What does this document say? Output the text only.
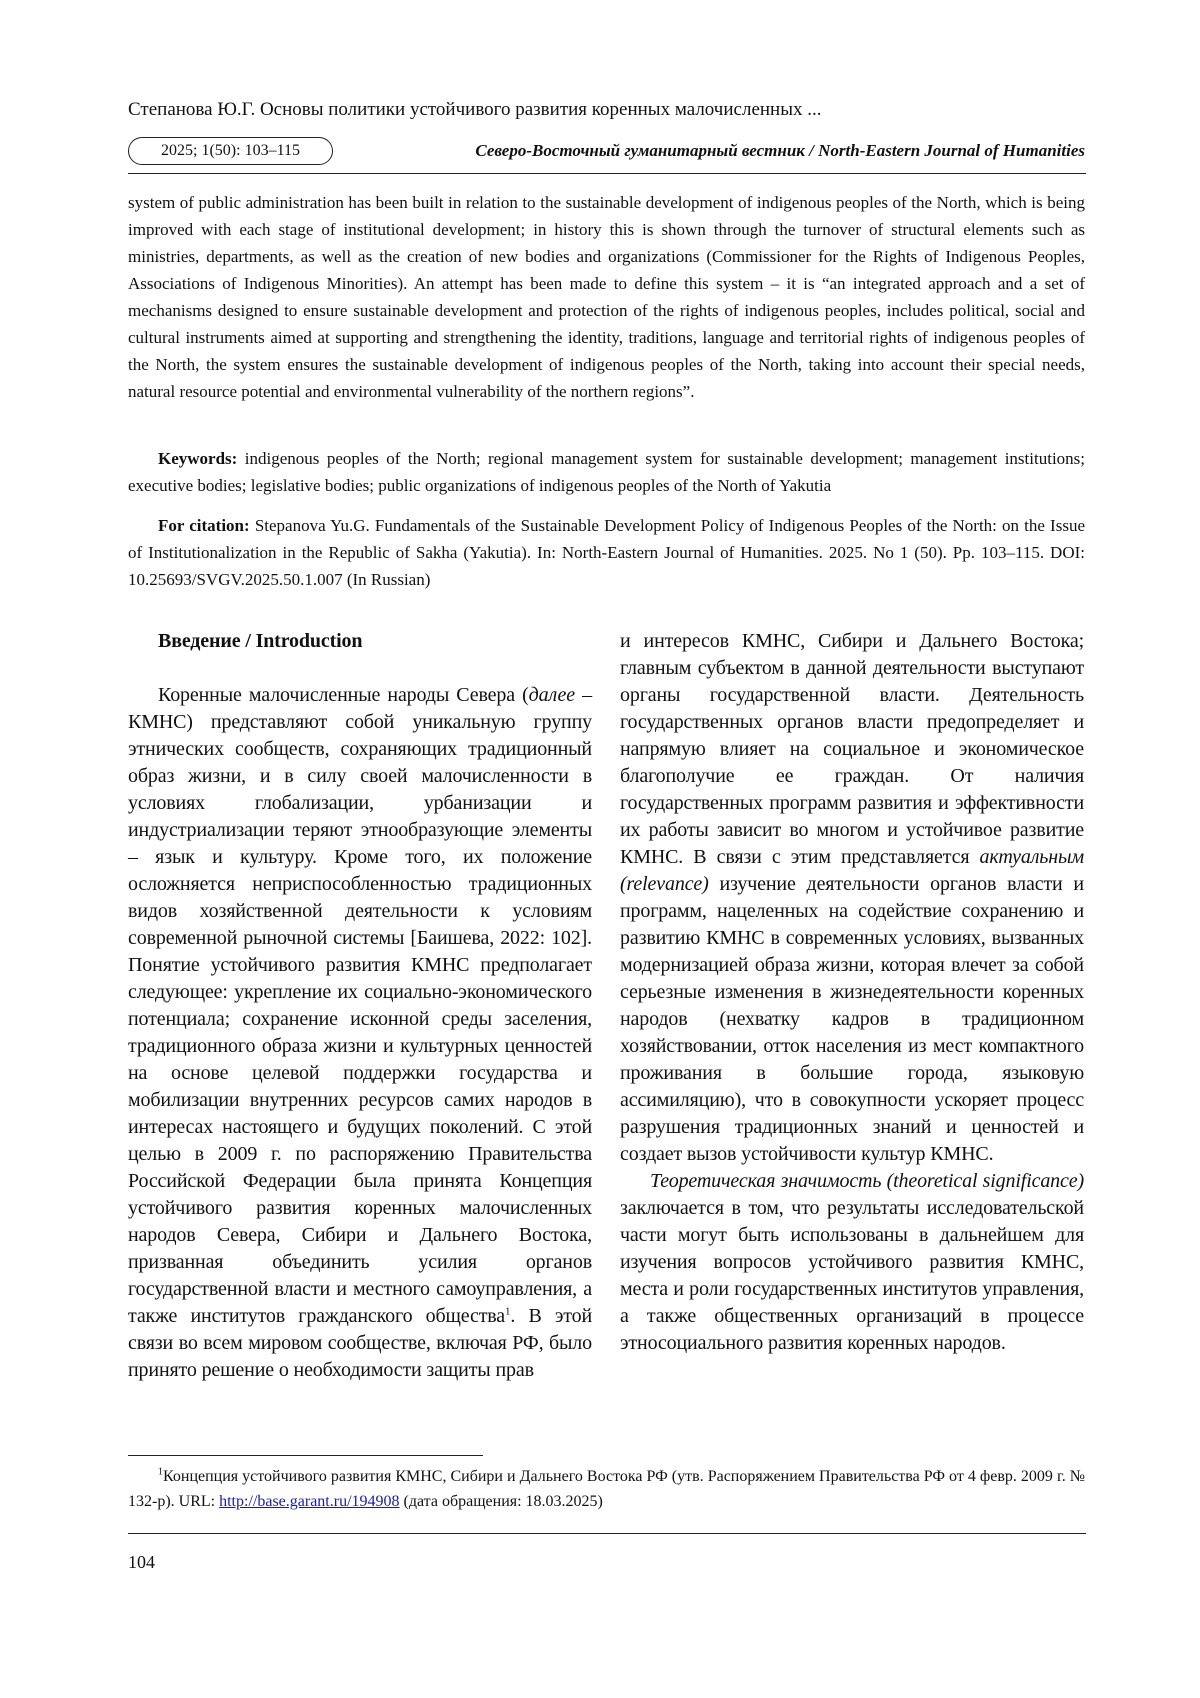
Степанова Ю.Г. Основы политики устойчивого развития коренных малочисленных ...
2025; 1(50): 103–115	Северо-Восточный гуманитарный вестник / North-Eastern Journal of Humanities
system of public administration has been built in relation to the sustainable development of indigenous peoples of the North, which is being improved with each stage of institutional development; in history this is shown through the turnover of structural elements such as ministries, departments, as well as the creation of new bodies and organizations (Commissioner for the Rights of Indigenous Peoples, Associations of Indigenous Minorities). An attempt has been made to define this system – it is “an integrated approach and a set of mechanisms designed to ensure sustainable development and protection of the rights of indigenous peoples, includes political, social and cultural instruments aimed at supporting and strengthening the identity, traditions, language and territorial rights of indigenous peoples of the North, the system ensures the sustainable development of indigenous peoples of the North, taking into account their special needs, natural resource potential and environmental vulnerability of the northern regions”.
Keywords: indigenous peoples of the North; regional management system for sustainable development; management institutions; executive bodies; legislative bodies; public organizations of indigenous peoples of the North of Yakutia
For citation: Stepanova Yu.G. Fundamentals of the Sustainable Development Policy of Indigenous Peoples of the North: on the Issue of Institutionalization in the Republic of Sakha (Yakutia). In: North-Eastern Journal of Humanities. 2025. No 1 (50). Pp. 103–115. DOI: 10.25693/SVGV.2025.50.1.007 (In Russian)
Введение / Introduction

Коренные малочисленные народы Севера (далее – КМНС) представляют собой уникальную группу этнических сообществ, сохраняющих традиционный образ жизни, и в силу своей малочисленности в условиях глобализации, урбанизации и индустриализации теряют этнообразующие элементы – язык и культуру. Кроме того, их положение осложняется неприспособленностью традиционных видов хозяйственной деятельности к условиям современной рыночной системы [Баишева, 2022: 102]. Понятие устойчивого развития КМНС предполагает следующее: укрепление их социально-экономического потенциала; сохранение исконной среды заселения, традиционного образа жизни и культурных ценностей на основе целевой поддержки государства и мобилизации внутренних ресурсов самих народов в интересах настоящего и будущих поколений. С этой целью в 2009 г. по распоряжению Правительства Российской Федерации была принята Концепция устойчивого развития коренных малочисленных народов Севера, Сибири и Дальнего Востока, призванная объединить усилия органов государственной власти и местного самоуправления, а также институтов гражданского общества$^1$. В этой связи во всем мировом сообществе, включая РФ, было принято решение о необходимости защиты прав

и интересов КМНС, Сибири и Дальнего Востока; главным субъектом в данной деятельности выступают органы государственной власти. Деятельность государственных органов власти предопределяет и напрямую влияет на социальное и экономическое благополучие ее граждан. От наличия государственных программ развития и эффективности их работы зависит во многом и устойчивое развитие КМНС. В связи с этим представляется актуальным (relevance) изучение деятельности органов власти и программ, нацеленных на содействие сохранению и развитию КМНС в современных условиях, вызванных модернизацией образа жизни, которая влечет за собой серьезные изменения в жизнедеятельности коренных народов (нехватку кадров в традиционном хозяйствовании, отток населения из мест компактного проживания в большие города, языковую ассимиляцию), что в совокупности ускоряет процесс разрушения традиционных знаний и ценностей и создает вызов устойчивости культур КМНС.

Теоретическая значимость (theoretical significance) заключается в том, что результаты исследовательской части могут быть использованы в дальнейшем для изучения вопросов устойчивого развития КМНС, места и роли государственных институтов управления, а также общественных организаций в процессе этносоциального развития коренных народов.

$^1$Концепция устойчивого развития КМНС, Сибири и Дальнего Востока РФ (утв. Распоряжением Правительства РФ от 4 февр. 2009 г. № 132-р). URL: http://base.garant.ru/194908 (дата обращения: 18.03.2025)
104
